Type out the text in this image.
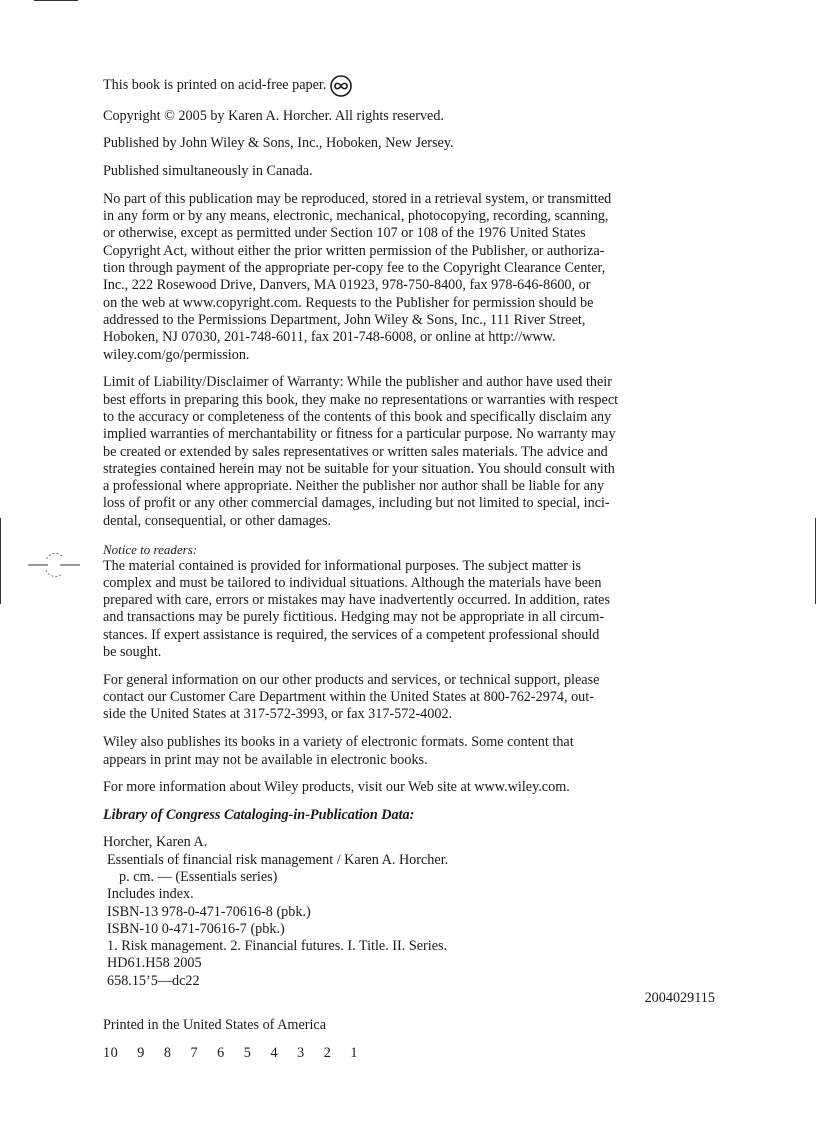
This book is printed on acid-free paper.

Copyright © 2005 by Karen A. Horcher. All rights reserved.

Published by John Wiley & Sons, Inc., Hoboken, New Jersey.

Published simultaneously in Canada.

No part of this publication may be reproduced, stored in a retrieval system, or transmitted
in any form or by any means, electronic, mechanical, photocopying, recording, scanning,
or otherwise, except as permitted under Section 107 or 108 of the 1976 United States
Copyright Act, without either the prior written permission of the Publisher, or authoriza-
tion through payment of the appropriate per-copy fee to the Copyright Clearance Center,
Inc., 222 Rosewood Drive, Danvers, MA 01923, 978-750-8400, fax 978-646-8600, or
on the web at www.copyright.com. Requests to the Publisher for permission should be
addressed to the Permissions Department, John Wiley & Sons, Inc., 111 River Street,
Hoboken, NJ 07030, 201-748-6011, fax 201-748-6008, or online at http://www.
wiley.com/go/permission.

Limit of Liability/Disclaimer of Warranty: While the publisher and author have used their
best efforts in preparing this book, they make no representations or warranties with respect
to the accuracy or completeness of the contents of this book and specifically disclaim any
implied warranties of merchantability or fitness for a particular purpose. No warranty may
be created or extended by sales representatives or written sales materials. The advice and
strategies contained herein may not be suitable for your situation. You should consult with
a professional where appropriate. Neither the publisher nor author shall be liable for any
loss of profit or any other commercial damages, including but not limited to special, inci-
dental, consequential, or other damages.

Notice to readers:

The material contained is provided for informational purposes. The subject matter is
complex and must be tailored to individual situations. Although the materials have been
prepared with care, errors or mistakes may have inadvertently occurred. In addition, rates
and transactions may be purely fictitious. Hedging may not be appropriate in all circum-
stances. If expert assistance is required, the services of a competent professional should
be sought.

For general information on our other products and services, or technical support, please
contact our Customer Care Department within the United States at 800-762-2974, out-
side the United States at 317-572-3993, or fax 317-572-4002.

Wiley also publishes its books in a variety of electronic formats. Some content that
appears in print may not be available in electronic books.

For more information about Wiley products, visit our Web site at www.wiley.com.

Library of Congress Cataloging-in-Publication Data:

Horcher, Karen A.
Essentials of financial risk management / Karen A. Horcher.
p. cm. — (Essentials series)
Includes index.
ISBN-13 978-0-471-70616-8 (pbk.)
ISBN-10 0-471-70616-7 (pbk.)
1. Risk management. 2. Financial futures. I. Title. II. Series.
HD61.H58 2005
658.15’5—dc22

2004029115

Printed in the United States of America

10 9 8 7 6 5 4 3 2 1
